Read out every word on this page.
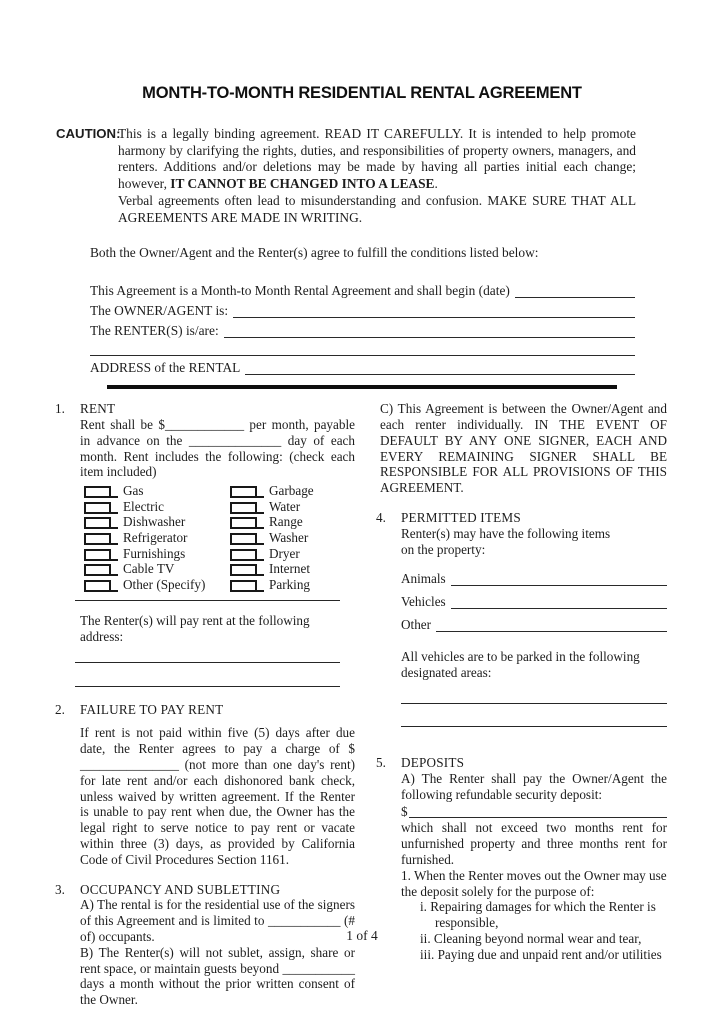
MONTH-TO-MONTH RESIDENTIAL RENTAL AGREEMENT
CAUTION:
This is a legally binding agreement. READ IT CAREFULLY. It is intended to help promote harmony by clarifying the rights, duties, and responsibilities of property owners, managers, and renters. Additions and/or deletions may be made by having all parties initial each change; however, IT CANNOT BE CHANGED INTO A LEASE.
Verbal agreements often lead to misunderstanding and confusion. MAKE SURE THAT ALL AGREEMENTS ARE MADE IN WRITING.

Both the Owner/Agent and the Renter(s) agree to fulfill the conditions listed below:

This Agreement is a Month-to Month Rental Agreement and shall begin (date)
The OWNER/AGENT is:
The RENTER(S) is/are:
ADDRESS of the RENTAL
1.	RENT

Rent shall be $____________ per month, payable in advance on the ______________ day of each month. Rent includes the following: (check each item included)

Gas	Garbage
Electric	Water
Dishwasher	Range
Refrigerator	Washer
Furnishings	Dryer
Cable TV	Internet
Other (Specify)	Parking

The Renter(s) will pay rent at the following address:

2.	FAILURE TO PAY RENT

If rent is not paid within five (5) days after due date, the Renter agrees to pay a charge of $ _______________ (not more than one day's rent) for late rent and/or each dishonored bank check, unless waived by written agreement. If the Renter is unable to pay rent when due, the Owner has the legal right to serve notice to pay rent or vacate within three (3) days, as provided by California Code of Civil Procedures Section 1161.

3.	OCCUPANCY AND SUBLETTING

A) The rental is for the residential use of the signers of this Agreement and is limited to ___________ (# of) occupants.

B) The Renter(s) will not sublet, assign, share or rent space, or maintain guests beyond ___________ days a month without the prior written consent of the Owner.

C) This Agreement is between the Owner/Agent and each renter individually. IN THE EVENT OF DEFAULT BY ANY ONE SIGNER, EACH AND EVERY REMAINING SIGNER SHALL BE RESPONSIBLE FOR ALL PROVISIONS OF THIS AGREEMENT.

4.	PERMITTED ITEMS

Renter(s) may have the following items on the property:

Animals
Vehicles
Other

All vehicles are to be parked in the following designated areas:

5.	DEPOSITS

A) The Renter shall pay the Owner/Agent the following refundable security deposit:

$

which shall not exceed two months rent for unfurnished property and three months rent for furnished.

1. When the Renter moves out the Owner may use the deposit solely for the purpose of:

i. Repairing damages for which the Renter is responsible,
ii. Cleaning beyond normal wear and tear,
iii. Paying due and unpaid rent and/or utilities
1 of 4
